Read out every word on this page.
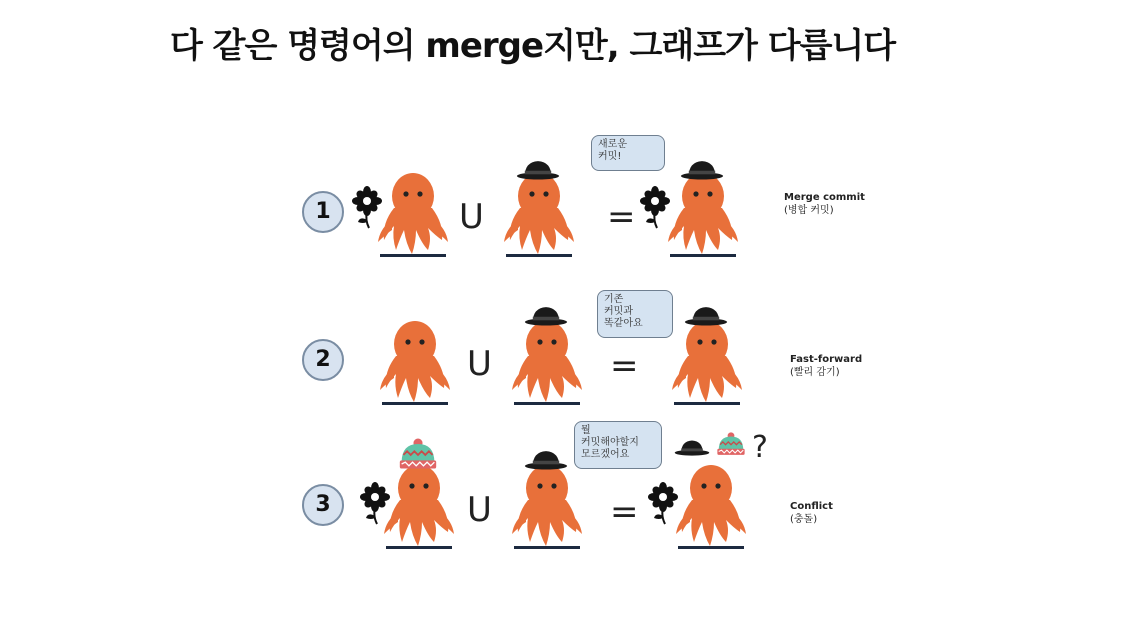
다 같은 명령어의 merge지만, 그래프가 다릅니다
1	U	=
새로운
커밋!
Merge commit
(병합 커밋)
2	U	=
기존
커밋과
똑같아요
Fast-forward
(빨리 감기)
3	U	=
?
뭘
커밋해야할지
모르겠어요
Conflict
(충돌)
